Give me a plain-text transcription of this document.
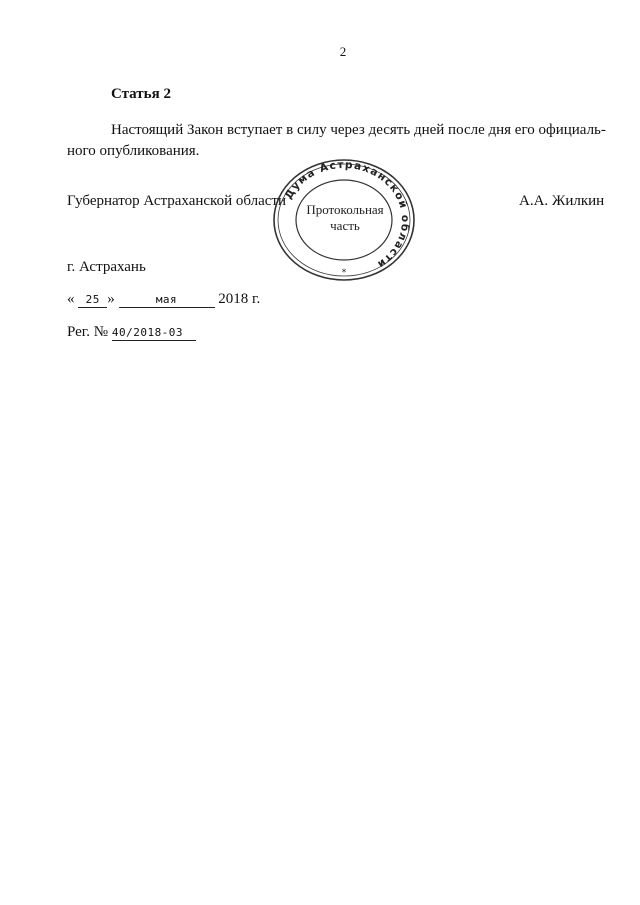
2
Статья 2
Настоящий Закон вступает в силу через десять дней после дня его официаль-
ного опубликования.
Губернатор Астраханской области	А.А. Жилкин
Дума Астраханской области
*
Протокольная
часть
г. Астрахань
« 25 »	мая	2018 г.
Рег. № 40/2018-03
